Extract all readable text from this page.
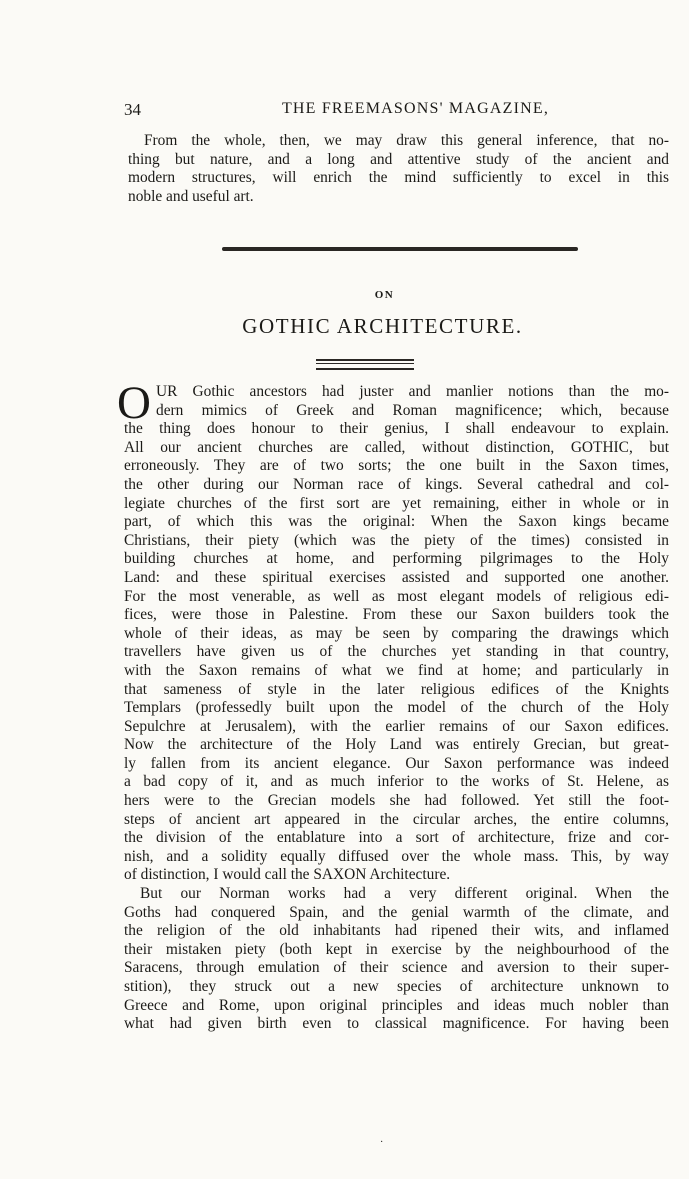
34	THE FREEMASONS' MAGAZINE,
From the whole, then, we may draw this general inference, that no-
thing but nature, and a long and attentive study of the ancient and
modern structures, will enrich the mind sufficiently to excel in this
noble and useful art.
ON
GOTHIC ARCHITECTURE.
O UR Gothic ancestors had juster and manlier notions than the mo-
dern mimics of Greek and Roman magnificence; which, because
the thing does honour to their genius, I shall endeavour to explain.
All our ancient churches are called, without distinction, GOTHIC, but
erroneously. They are of two sorts; the one built in the Saxon times,
the other during our Norman race of kings. Several cathedral and col-
legiate churches of the first sort are yet remaining, either in whole or in
part, of which this was the original: When the Saxon kings became
Christians, their piety (which was the piety of the times) consisted in
building churches at home, and performing pilgrimages to the Holy
Land: and these spiritual exercises assisted and supported one another.
For the most venerable, as well as most elegant models of religious edi-
fices, were those in Palestine. From these our Saxon builders took the
whole of their ideas, as may be seen by comparing the drawings which
travellers have given us of the churches yet standing in that country,
with the Saxon remains of what we find at home; and particularly in
that sameness of style in the later religious edifices of the Knights
Templars (professedly built upon the model of the church of the Holy
Sepulchre at Jerusalem), with the earlier remains of our Saxon edifices.
Now the architecture of the Holy Land was entirely Grecian, but great-
ly fallen from its ancient elegance. Our Saxon performance was indeed
a bad copy of it, and as much inferior to the works of St. Helene, as
hers were to the Grecian models she had followed. Yet still the foot-
steps of ancient art appeared in the circular arches, the entire columns,
the division of the entablature into a sort of architecture, frize and cor-
nish, and a solidity equally diffused over the whole mass. This, by way
of distinction, I would call the SAXON Architecture.
But our Norman works had a very different original. When the
Goths had conquered Spain, and the genial warmth of the climate, and
the religion of the old inhabitants had ripened their wits, and inflamed
their mistaken piety (both kept in exercise by the neighbourhood of the
Saracens, through emulation of their science and aversion to their super-
stition), they struck out a new species of architecture unknown to
Greece and Rome, upon original principles and ideas much nobler than
what had given birth even to classical magnificence. For having been
·
